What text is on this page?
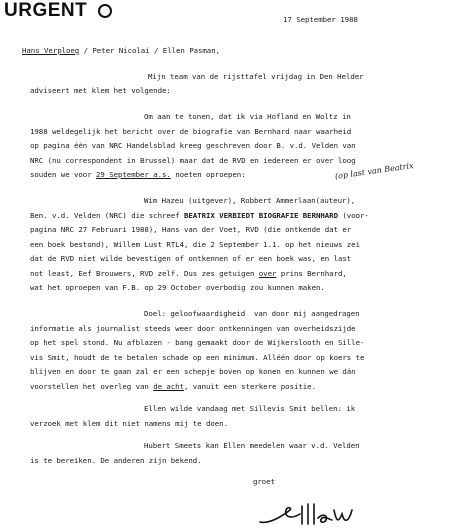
URGENT	17 September 1988
Hans Verploeg / Peter Nicolai / Ellen Pasman,
Mijn team van de rijsttafel vrijdag in Den Helder
adviseert met klem het volgende:
Om aan te tonen, dat ik via Hofland en Woltz in
1988 weldegelijk het bericht over de biografie van Bernhard naar waarheid
op pagina één van NRC Handelsblad kreeg geschreven door B. v.d. Velden van
NRC (nu correspondent in Brussel) maar dat de RVD en iedereen er over loog
souden we voor 29 September a.s. noeten oproepen:	(op last van Beatrix
Wim Hazeu (uitgever), Robbert Ammerlaan(auteur),
Ben. v.d. Velden (NRC) die schreef BEATRIX VERBIEDT BIOGRAFIE BERNHARD (voor-
pagina NRC 27 Februari 1988), Hans van der Voet, RVD (die ontkende dat er
een boek bestond), Willem Lust RTL4, die 2 September 1.1. op het nieuws zei
dat de RVD niet wilde bevestigen of ontkennen of er een boek was, en last
not least, Eef Brouwers, RVD zelf. Dus zes getuigen over prins Bernhard,
wat het oproepen van F.B. op 29 October overbodig zou kunnen maken.
Doel: geloofwaardigheid  van door mij aangedragen
informatie als journalist steeds weer door ontkenningen van overheidszijde
op het spel stond. Nu afblazen - bang gemaakt door de Wijkerslooth en Sille-
vis Smit, houdt de te betalen schade op een minimum. Alléén door op koers te
blijven en door te gaan zal er een schepje boven op konen en kunnen we dán
voorstellen het overleg van de acht, vanuit een sterkere positie.
Ellen wilde vandaag met Sillevis Smit bellen: ik
verzoek met klem dit niet namens mij te doen.
Hubert Smeets kan Ellen meedelen waar v.d. Velden
is te bereiken. De anderen zijn bekend.
groet
